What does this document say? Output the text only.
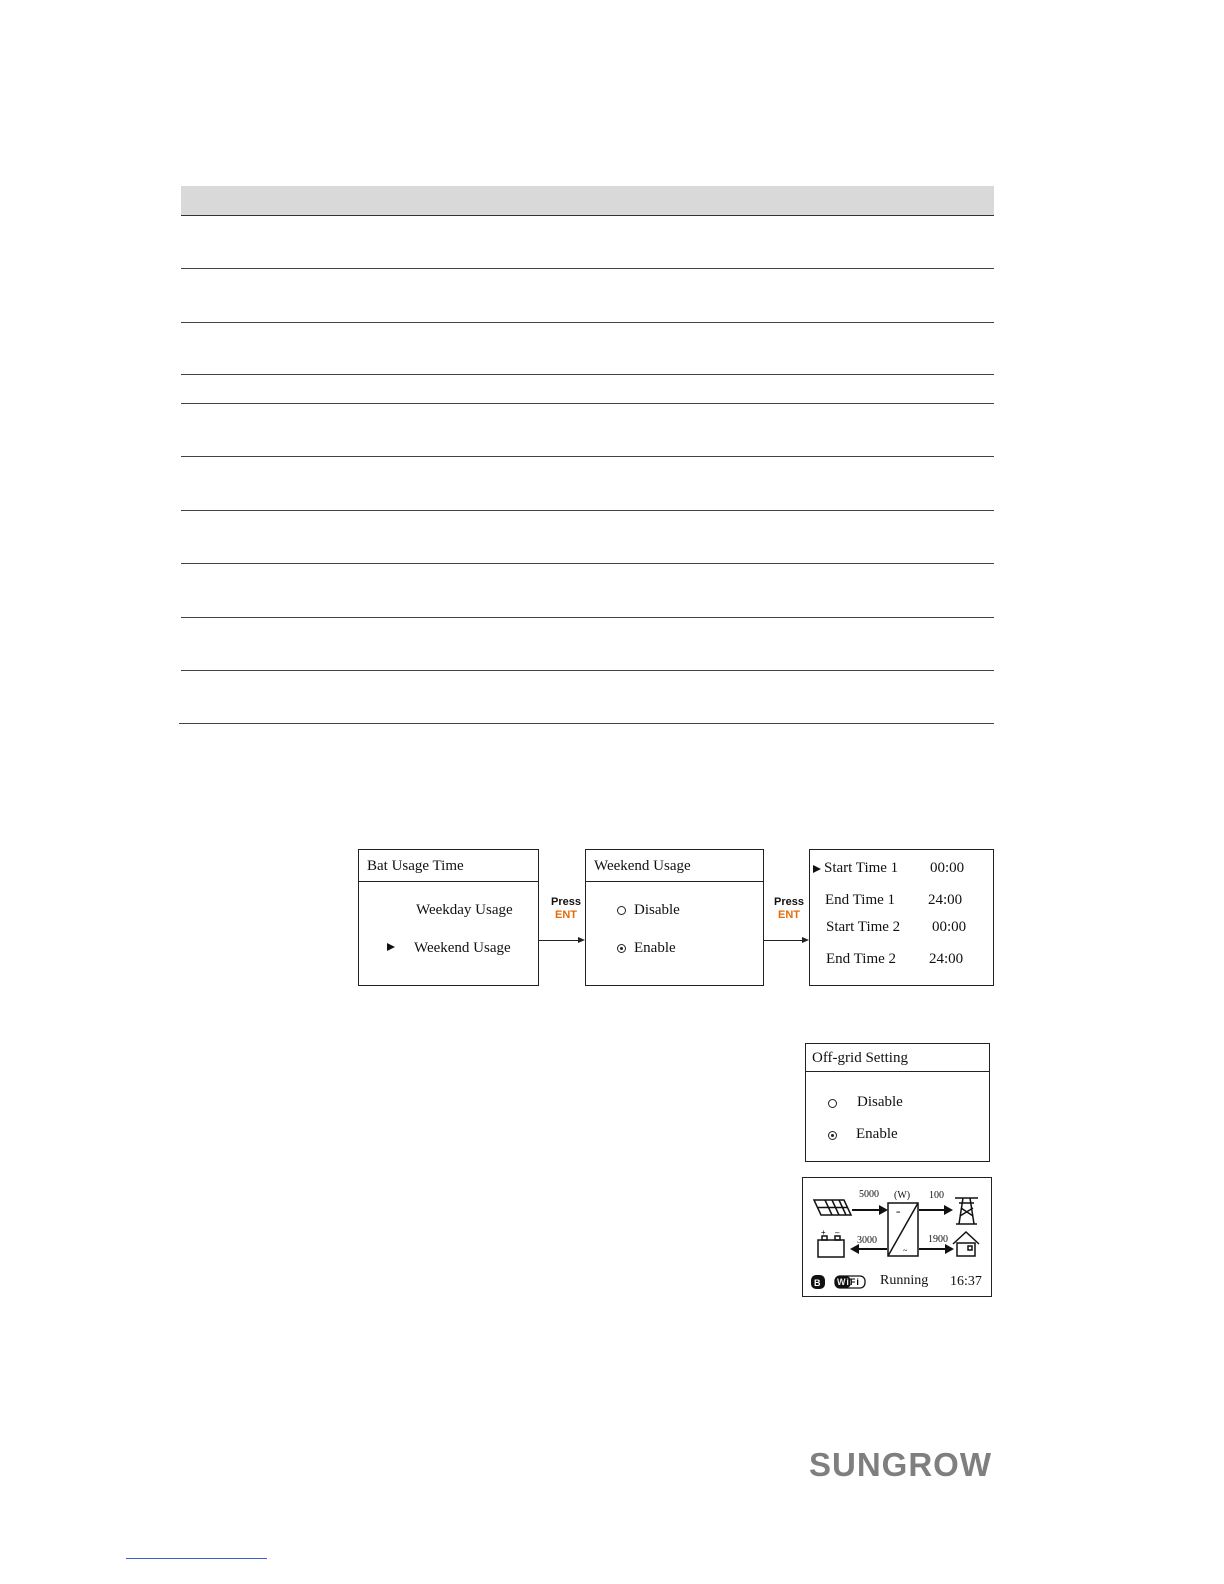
Bat Usage Time
Weekday Usage
Weekend Usage
Press
ENT
Weekend Usage
Disable
Enable
Press
ENT
Start Time 1 00:00
End Time 1 24:00
Start Time 2 00:00
End Time 2 24:00
Off-grid Setting
Disable
Enable
=
~
+ –
B WiFi
5000 (W) 100
3000	1900
Running 16:37
SUNGROW
